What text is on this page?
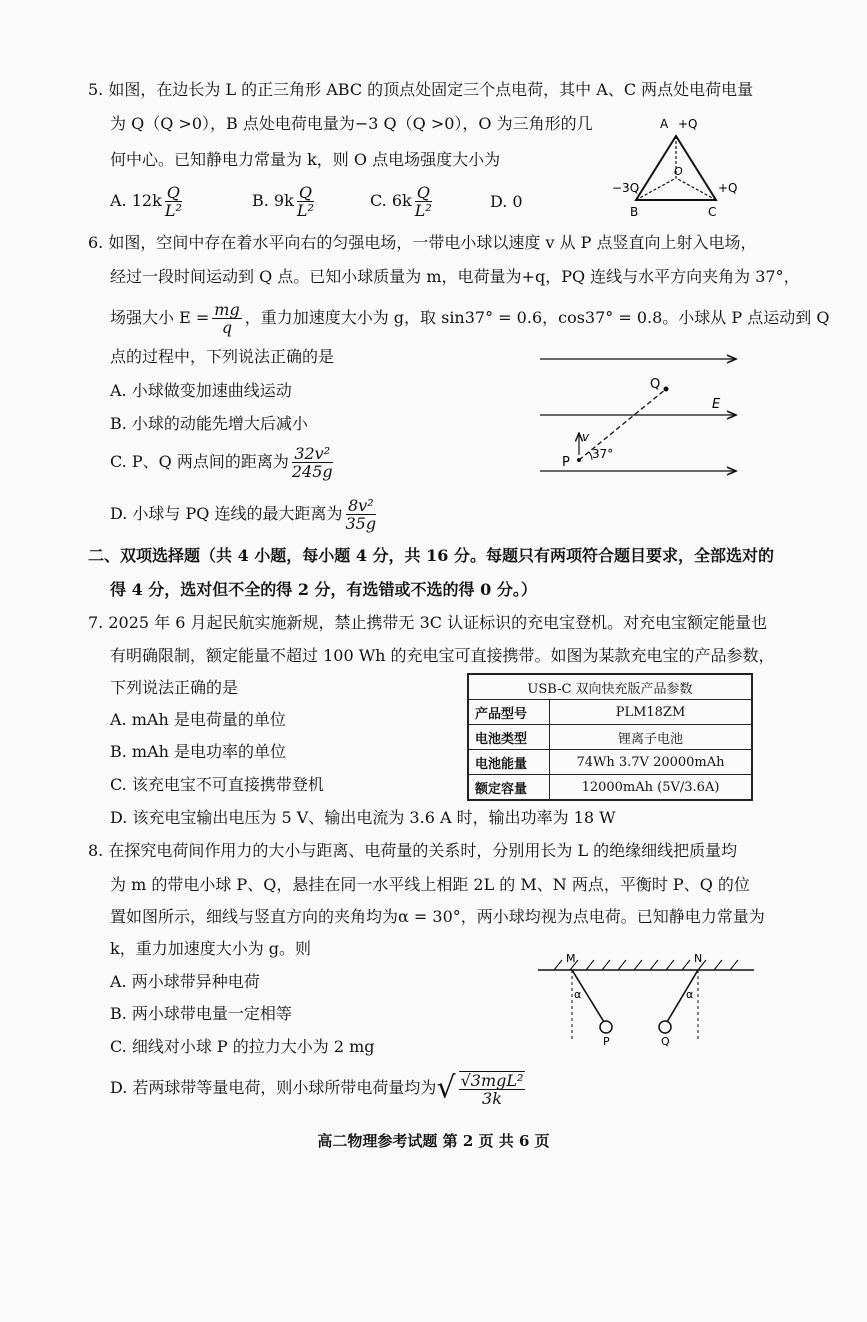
5. 如图，在边长为 L 的正三角形 ABC 的顶点处固定三个点电荷，其中 A、C 两点处电荷电量
为 Q（Q >0），B 点处电荷电量为−3 Q（Q >0），O 为三角形的几
何中心。已知静电力常量为 k，则 O 点电场强度大小为
A. $12k \frac{Q}{\text{L²}}$	B. $9k \frac{Q}{\text{L²}}$	C. $6k \frac{Q}{\text{L²}}$	D. 0
A +Q
O
−3Q
B
+Q
C
6. 如图，空间中存在着水平向右的匀强电场，一带电小球以速度 v 从 P 点竖直向上射入电场，
经过一段时间运动到 Q 点。已知小球质量为 m，电荷量为+q，PQ 连线与水平方向夹角为 37°，
场强大小 $E = \frac{mg}{q}$ ，重力加速度大小为 g，取 sin37° = 0.6，cos37° = 0.8。小球从 P 点运动到 Q
点的过程中，下列说法正确的是
A. 小球做变加速曲线运动
B. 小球的动能先增大后减小
C. P、Q 两点间的距离为 $\frac{\text{32v²}}{245g}$
D. 小球与 PQ 连线的最大距离为 $\frac{\text{8v²}}{35g}$
Q
E
P
v
37°
二、双项选择题（共 4 小题，每小题 4 分，共 16 分。每题只有两项符合题目要求，全部选对的
得 4 分，选对但不全的得 2 分，有选错或不选的得 0 分。）
7. 2025 年 6 月起民航实施新规，禁止携带无 3C 认证标识的充电宝登机。对充电宝额定能量也
有明确限制，额定能量不超过 100 Wh 的充电宝可直接携带。如图为某款充电宝的产品参数，
下列说法正确的是
A. mAh 是电荷量的单位
B. mAh 是电功率的单位
C. 该充电宝不可直接携带登机
D. 该充电宝输出电压为 5 V、输出电流为 3.6 A 时，输出功率为 18 W
USB-C 双向快充版产品参数	
产品型号	PLM18ZM
电池类型	锂离子电池
电池能量	74Wh 3.7V 20000mAh
额定容量	12000mAh (5V/3.6A)
8. 在探究电荷间作用力的大小与距离、电荷量的关系时，分别用长为 L 的绝缘细线把质量均
为 m 的带电小球 P、Q，悬挂在同一水平线上相距 2L 的 M、N 两点，平衡时 P、Q 的位
置如图所示，细线与竖直方向的夹角均为α = 30°，两小球均视为点电荷。已知静电力常量为
k，重力加速度大小为 g。则
A. 两小球带异种电荷
B. 两小球带电量一定相等
C. 细线对小球 P 的拉力大小为 2 mg
D. 若两球带等量电荷，则小球所带电荷量均为√ $\frac{\text{√3mgL²}}{3k}$
M	N
α	α
P	Q
高二物理参考试题 第 2 页 共 6 页
